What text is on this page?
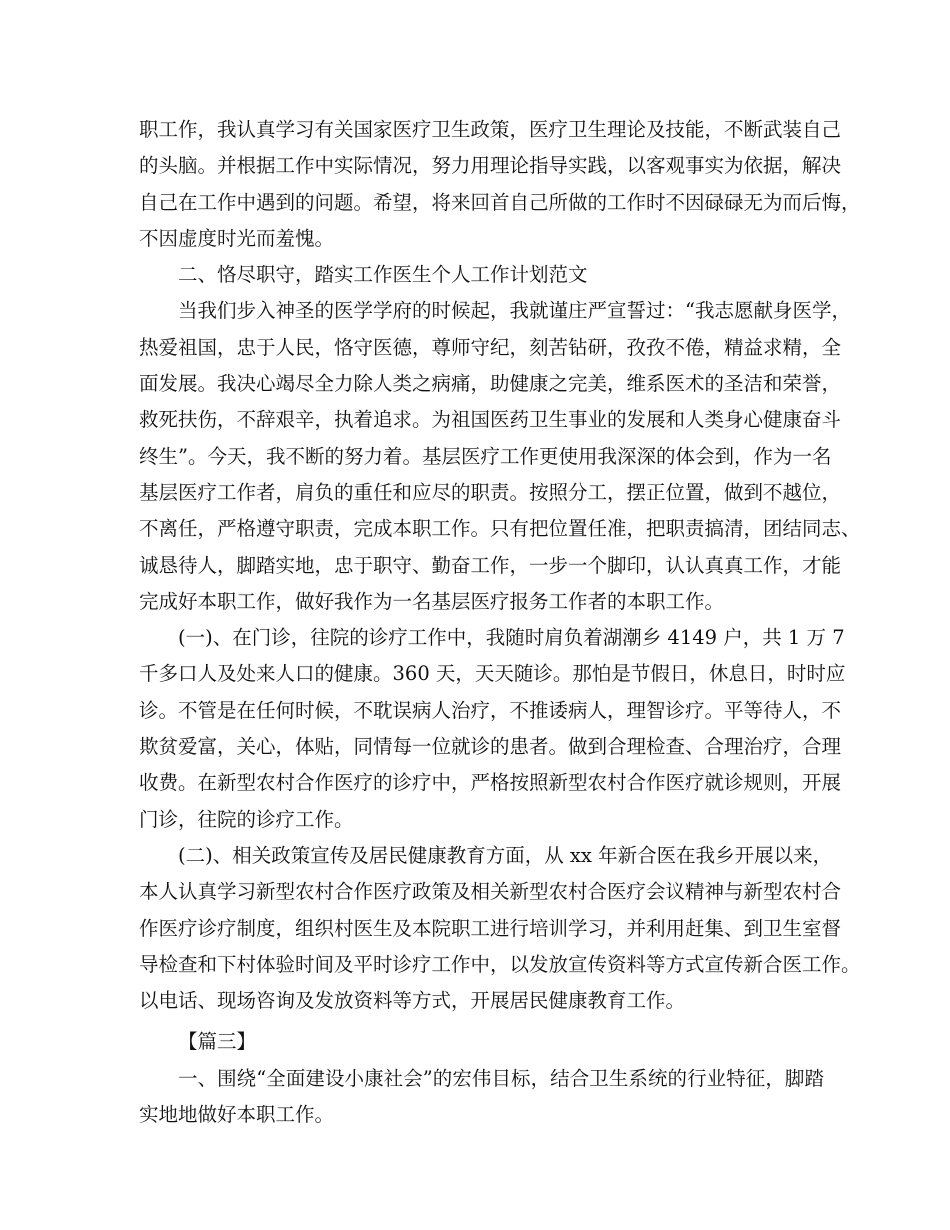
职工作，我认真学习有关国家医疗卫生政策，医疗卫生理论及技能，不断武装自己
的头脑。并根据工作中实际情况，努力用理论指导实践，以客观事实为依据，解决
自己在工作中遇到的问题。希望，将来回首自己所做的工作时不因碌碌无为而后悔，
不因虚度时光而羞愧。
二、恪尽职守，踏实工作医生个人工作计划范文
当我们步入神圣的医学学府的时候起，我就谨庄严宣誓过：“我志愿献身医学，
热爱祖国，忠于人民，恪守医德，尊师守纪，刻苦钻研，孜孜不倦，精益求精，全
面发展。我决心竭尽全力除人类之病痛，助健康之完美，维系医术的圣洁和荣誉，
救死扶伤，不辞艰辛，执着追求。为祖国医药卫生事业的发展和人类身心健康奋斗
终生”。今天，我不断的努力着。基层医疗工作更使用我深深的体会到，作为一名
基层医疗工作者，肩负的重任和应尽的职责。按照分工，摆正位置，做到不越位，
不离任，严格遵守职责，完成本职工作。只有把位置任准，把职责搞清，团结同志、
诚恳待人，脚踏实地，忠于职守、勤奋工作，一步一个脚印，认认真真工作，才能
完成好本职工作，做好我作为一名基层医疗报务工作者的本职工作。
(一)、在门诊，往院的诊疗工作中，我随时肩负着湖潮乡 4149 户，共 1 万 7
千多口人及处来人口的健康。360 天，天天随诊。那怕是节假日，休息日，时时应
诊。不管是在任何时候，不耽误病人治疗，不推诿病人，理智诊疗。平等待人，不
欺贫爱富，关心，体贴，同情每一位就诊的患者。做到合理检查、合理治疗，合理
收费。在新型农村合作医疗的诊疗中，严格按照新型农村合作医疗就诊规则，开展
门诊，往院的诊疗工作。
(二)、相关政策宣传及居民健康教育方面，从 xx 年新合医在我乡开展以来，
本人认真学习新型农村合作医疗政策及相关新型农村合医疗会议精神与新型农村合
作医疗诊疗制度，组织村医生及本院职工进行培训学习，并利用赶集、到卫生室督
导检查和下村体验时间及平时诊疗工作中，以发放宣传资料等方式宣传新合医工作。
以电话、现场咨询及发放资料等方式，开展居民健康教育工作。
【篇三】
一、围绕“全面建设小康社会”的宏伟目标，结合卫生系统的行业特征，脚踏
实地地做好本职工作。
